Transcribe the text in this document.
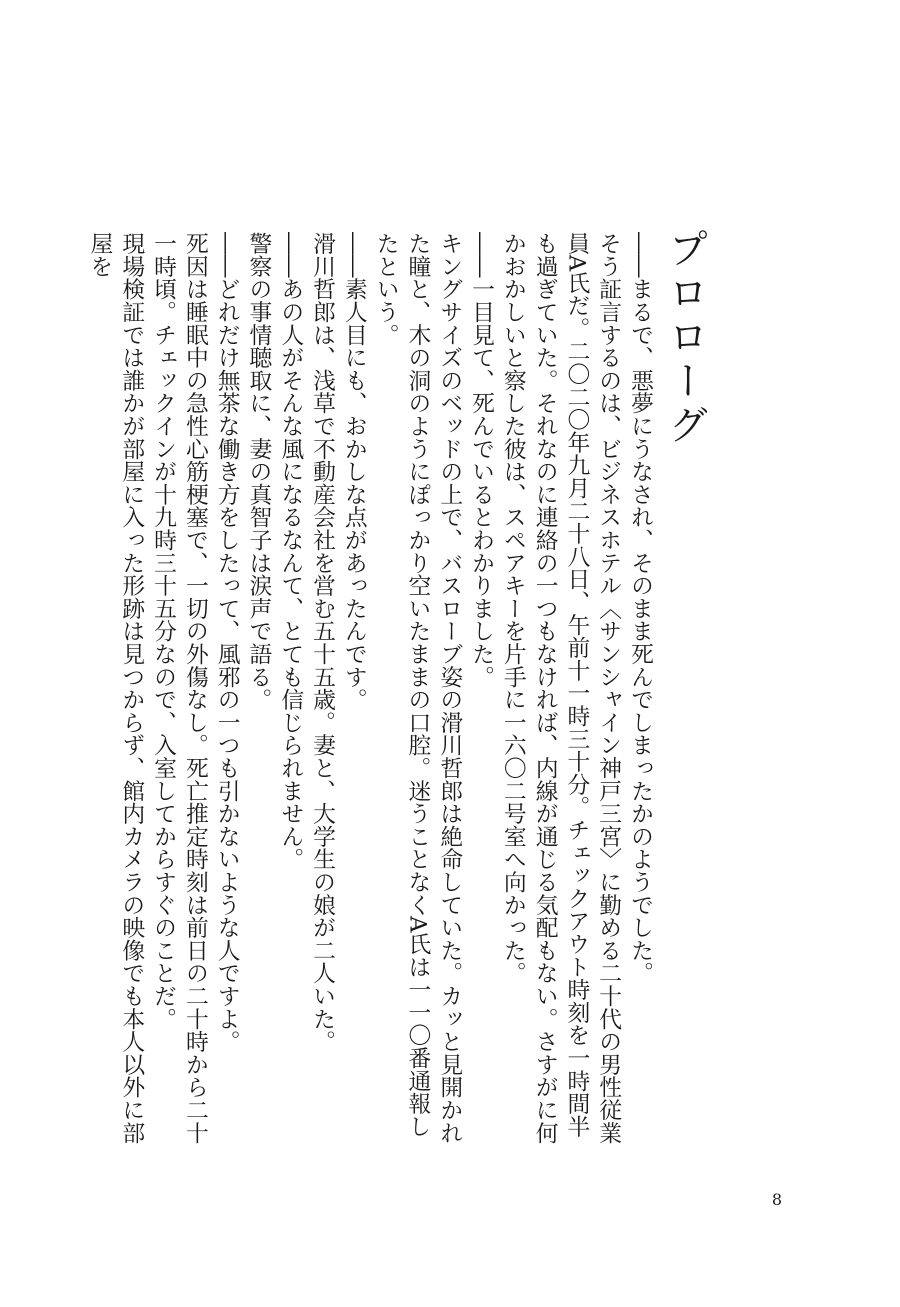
プロローグ

――まるで、悪夢にうなされ、そのまま死んでしまったかのようでした。

そう証言するのは、ビジネスホテル〈サンシャイン神戸三宮〉に勤める二十代の男性従業員A氏だ。二〇二〇年九月二十八日、午前十一時三十分。チェックアウト時刻を一時間半も過ぎていた。それなのに連絡の一つもなければ、内線が通じる気配もない。さすがに何かおかしいと察した彼は、スペアキーを片手に一六〇二号室へ向かった。

――一目見て、死んでいるとわかりました。

キングサイズのベッドの上で、バスローブ姿の滑川哲郎は絶命していた。カッと見開かれた瞳と、木の洞のようにぽっかり空いたままの口腔。迷うことなくA氏は一一〇番通報したという。

――素人目にも、おかしな点があったんです。

滑川哲郎は、浅草で不動産会社を営む五十五歳。妻と、大学生の娘が二人いた。

――あの人がそんな風になるなんて、とても信じられません。

警察の事情聴取に、妻の真智子は涙声で語る。

――どれだけ無茶な働き方をしたって、風邪の一つも引かないような人ですよ。

死因は睡眠中の急性心筋梗塞で、一切の外傷なし。死亡推定時刻は前日の二十時から二十一時頃。チェックインが十九時三十五分なので、入室してからすぐのことだ。

現場検証では誰かが部屋に入った形跡は見つからず、館内カメラの映像でも本人以外に部屋を

8
